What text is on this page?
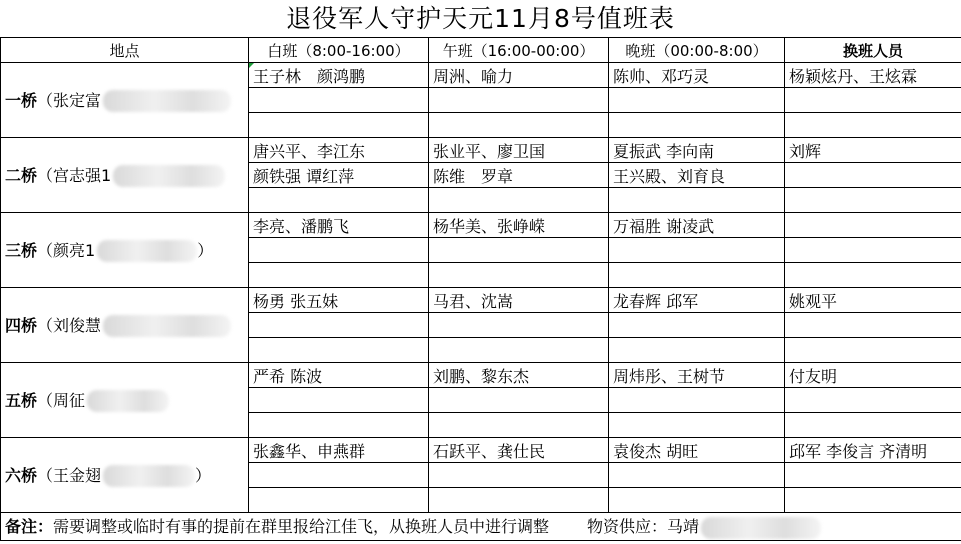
退役军人守护天元11月8号值班表
地点	白班（8:00-16:00）	午班（16:00-00:00）	晚班（00:00-8:00）	换班人员
一桥（张定富	王子林　颜鸿鹏	周洲、喻力	陈帅、邓巧灵	杨颖炫丹、王炫霖

二桥（宫志强1	唐兴平、李江东	张业平、廖卫国	夏振武 李向南	刘辉
	颜铁强 谭红萍	陈维　罗章	王兴殿、刘育良	

三桥（颜亮1 ）	李亮、潘鹏飞	杨华美、张峥嵘	万福胜 谢凌武	

四桥（刘俊慧	杨勇 张五妹	马君、沈嵩	龙春辉 邱军	姚观平

五桥（周征	严希 陈波	刘鹏、黎东杰	周炜彤、王树节	付友明

六桥（王金翅 ）	张鑫华、申燕群	石跃平、龚仕民	袁俊杰 胡旺	邱军 李俊言 齐清明

备注：需要调整或临时有事的提前在群里报给江佳飞，从换班人员中进行调整 物资供应：马靖				
